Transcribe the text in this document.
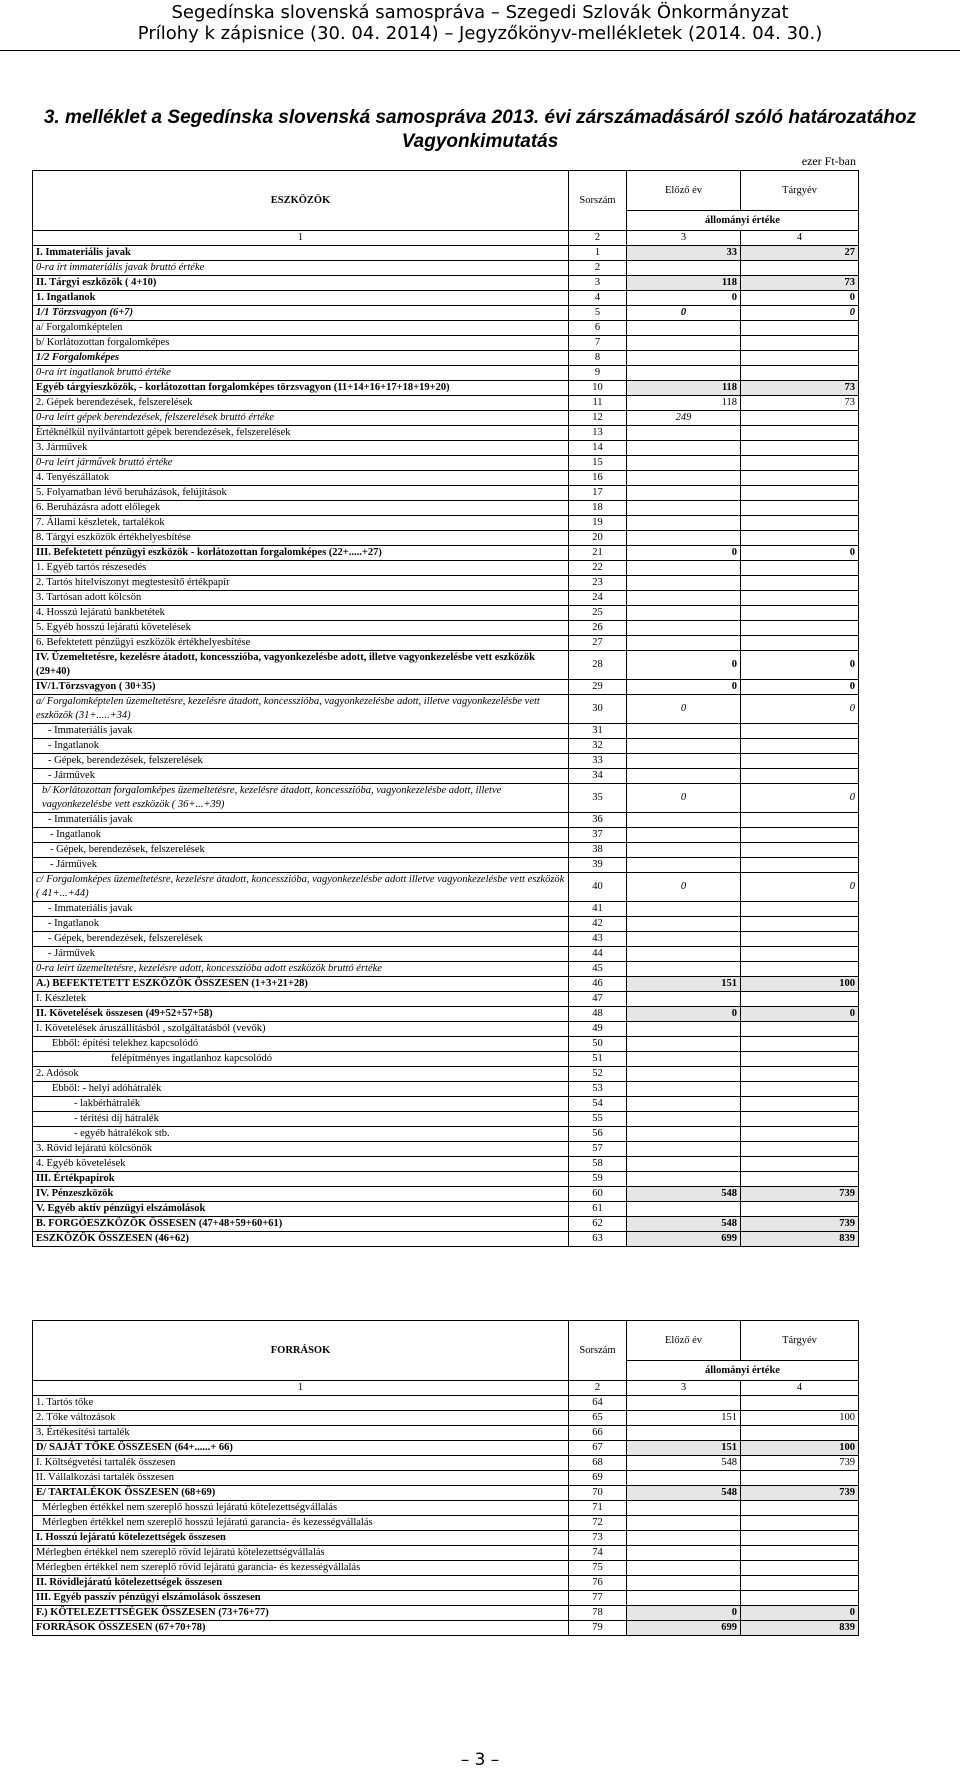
Segedínska slovenská samospráva – Szegedi Szlovák Önkormányzat
Prílohy k zápisnice (30. 04. 2014) – Jegyzőkönyv-mellékletek (2014. 04. 30.)
3. melléklet a Segedínska slovenská samospráva 2013. évi zárszámadásáról szóló határozatához
Vagyonkimutatás
ezer Ft-ban
ESZKÖZÖK	Sorszám	Előző év	Tárgyév
		állományi értéke	
1	2	3	4
I. Immateriális javak	1	33	27
0-ra írt immateriális javak bruttó értéke	2		
II. Tárgyi eszközök ( 4+10)	3	118	73
1. Ingatlanok	4	0	0
1/1 Törzsvagyon (6+7)	5	0	0
a/ Forgalomképtelen	6		
b/ Korlátozottan forgalomképes	7		
1/2 Forgalomképes	8		
0-ra írt ingatlanok bruttó értéke	9		
Egyéb tárgyieszközök, - korlátozottan forgalomképes törzsvagyon (11+14+16+17+18+19+20)	10	118	73
2. Gépek berendezések, felszerelések	11	118	73
0-ra leírt gépek berendezések, felszerelések bruttó értéke	12	249	
Értéknélkül nyilvántartott gépek berendezések, felszerelések	13		
3. Járművek	14		
0-ra leírt járművek bruttó értéke	15		
4. Tenyészállatok	16		
5. Folyamatban lévő beruházások, felújítások	17		
6. Beruházásra adott előlegek	18		
7. Állami készletek, tartalékok	19		
8. Tárgyi eszközök értékhelyesbítése	20		
III. Befektetett pénzügyi eszközök - korlátozottan forgalomképes (22+.....+27)	21	0	0
1. Egyéb tartós részesedés	22		
2. Tartós hitelviszonyt megtestesítő értékpapír	23		
3. Tartósan adott kölcsön	24		
4. Hosszú lejáratú bankbetétek	25		
5. Egyéb hosszú lejáratú követelések	26		
6. Befektetett pénzügyi eszközök értékhelyesbítése	27		
IV. Üzemeltetésre, kezelésre átadott, koncesszióba, vagyonkezelésbe adott, illetve vagyonkezelésbe vett eszközök (29+40)	28	0	0
IV/1.Törzsvagyon ( 30+35)	29	0	0
a/ Forgalomképtelen üzemeltetésre, kezelésre átadott, koncesszióba, vagyonkezelésbe adott, illetve vagyonkezelésbe vett eszközök (31+.....+34)	30	0	0
- Immateriális javak	31		
- Ingatlanok	32		
- Gépek, berendezések, felszerelések	33		
- Járművek	34		
b/ Korlátozottan forgalomképes üzemeltetésre, kezelésre átadott, koncesszióba, vagyonkezelésbe adott, illetve vagyonkezelésbe vett eszközök ( 36+...+39)	35	0	0
- Immateriális javak	36		
- Ingatlanok	37		
- Gépek, berendezések, felszerelések	38		
- Járművek	39		
c/ Forgalomképes üzemeltetésre, kezelésre átadott, koncesszióba, vagyonkezelésbe adott illetve vagyonkezelésbe vett eszközök ( 41+...+44)	40	0	0
- Immateriális javak	41		
- Ingatlanok	42		
- Gépek, berendezések, felszerelések	43		
- Járművek	44		
0-ra leírt üzemeltetésre, kezelésre adott, koncesszióba adott eszközök bruttó értéke	45		
A.) BEFEKTETETT ESZKÖZÖK ÖSSZESEN (1+3+21+28)	46	151	100
I. Készletek	47		
II. Követelések összesen (49+52+57+58)	48	0	0
I. Követelések áruszállításból , szolgáltatásból (vevők)	49		
Ebből: építési telekhez kapcsolódó	50		
felépítményes ingatlanhoz kapcsolódó	51		
2. Adósok	52		
Ebből: - helyi adóhátralék	53		
- lakbérhátralék	54		
- térítési díj hátralék	55		
- egyéb hátralékok stb.	56		
3. Rövid lejáratú kölcsönök	57		
4. Egyéb követelések	58		
III. Értékpapírok	59		
IV. Pénzeszközök	60	548	739
V. Egyéb aktív pénzügyi elszámolások	61		
B. FORGÓESZKÖZÖK ÖSSESEN (47+48+59+60+61)	62	548	739
ESZKÖZÖK ÖSSZESEN (46+62)	63	699	839
FORRÁSOK	Sorszám	Előző év	Tárgyév
		állományi értéke	
1	2	3	4
1. Tartós tőke	64		
2. Tőke változások	65	151	100
3. Értékesítési tartalék	66		
D/ SAJÁT TŐKE ÖSSZESEN (64+......+ 66)	67	151	100
I. Költségvetési tartalék összesen	68	548	739
II. Vállalkozási tartalék összesen	69		
E/ TARTALÉKOK ÖSSZESEN (68+69)	70	548	739
Mérlegben értékkel nem szereplő hosszú lejáratú kötelezettségvállalás	71		
Mérlegben értékkel nem szereplő hosszú lejáratú garancia- és kezességvállalás	72		
I. Hosszú lejáratú kötelezettségek összesen	73		
Mérlegben értékkel nem szereplő rövid lejáratú kötelezettségvállalás	74		
Mérlegben értékkel nem szereplő rövid lejáratú garancia- és kezességvállalás	75		
II. Rövidlejáratú kötelezettségek összesen	76		
III. Egyéb passzív pénzügyi elszámolások összesen	77		
F.) KÖTELEZETTSÉGEK ÖSSZESEN (73+76+77)	78	0	0
FORRÁSOK ÖSSZESEN (67+70+78)	79	699	839
– 3 –
